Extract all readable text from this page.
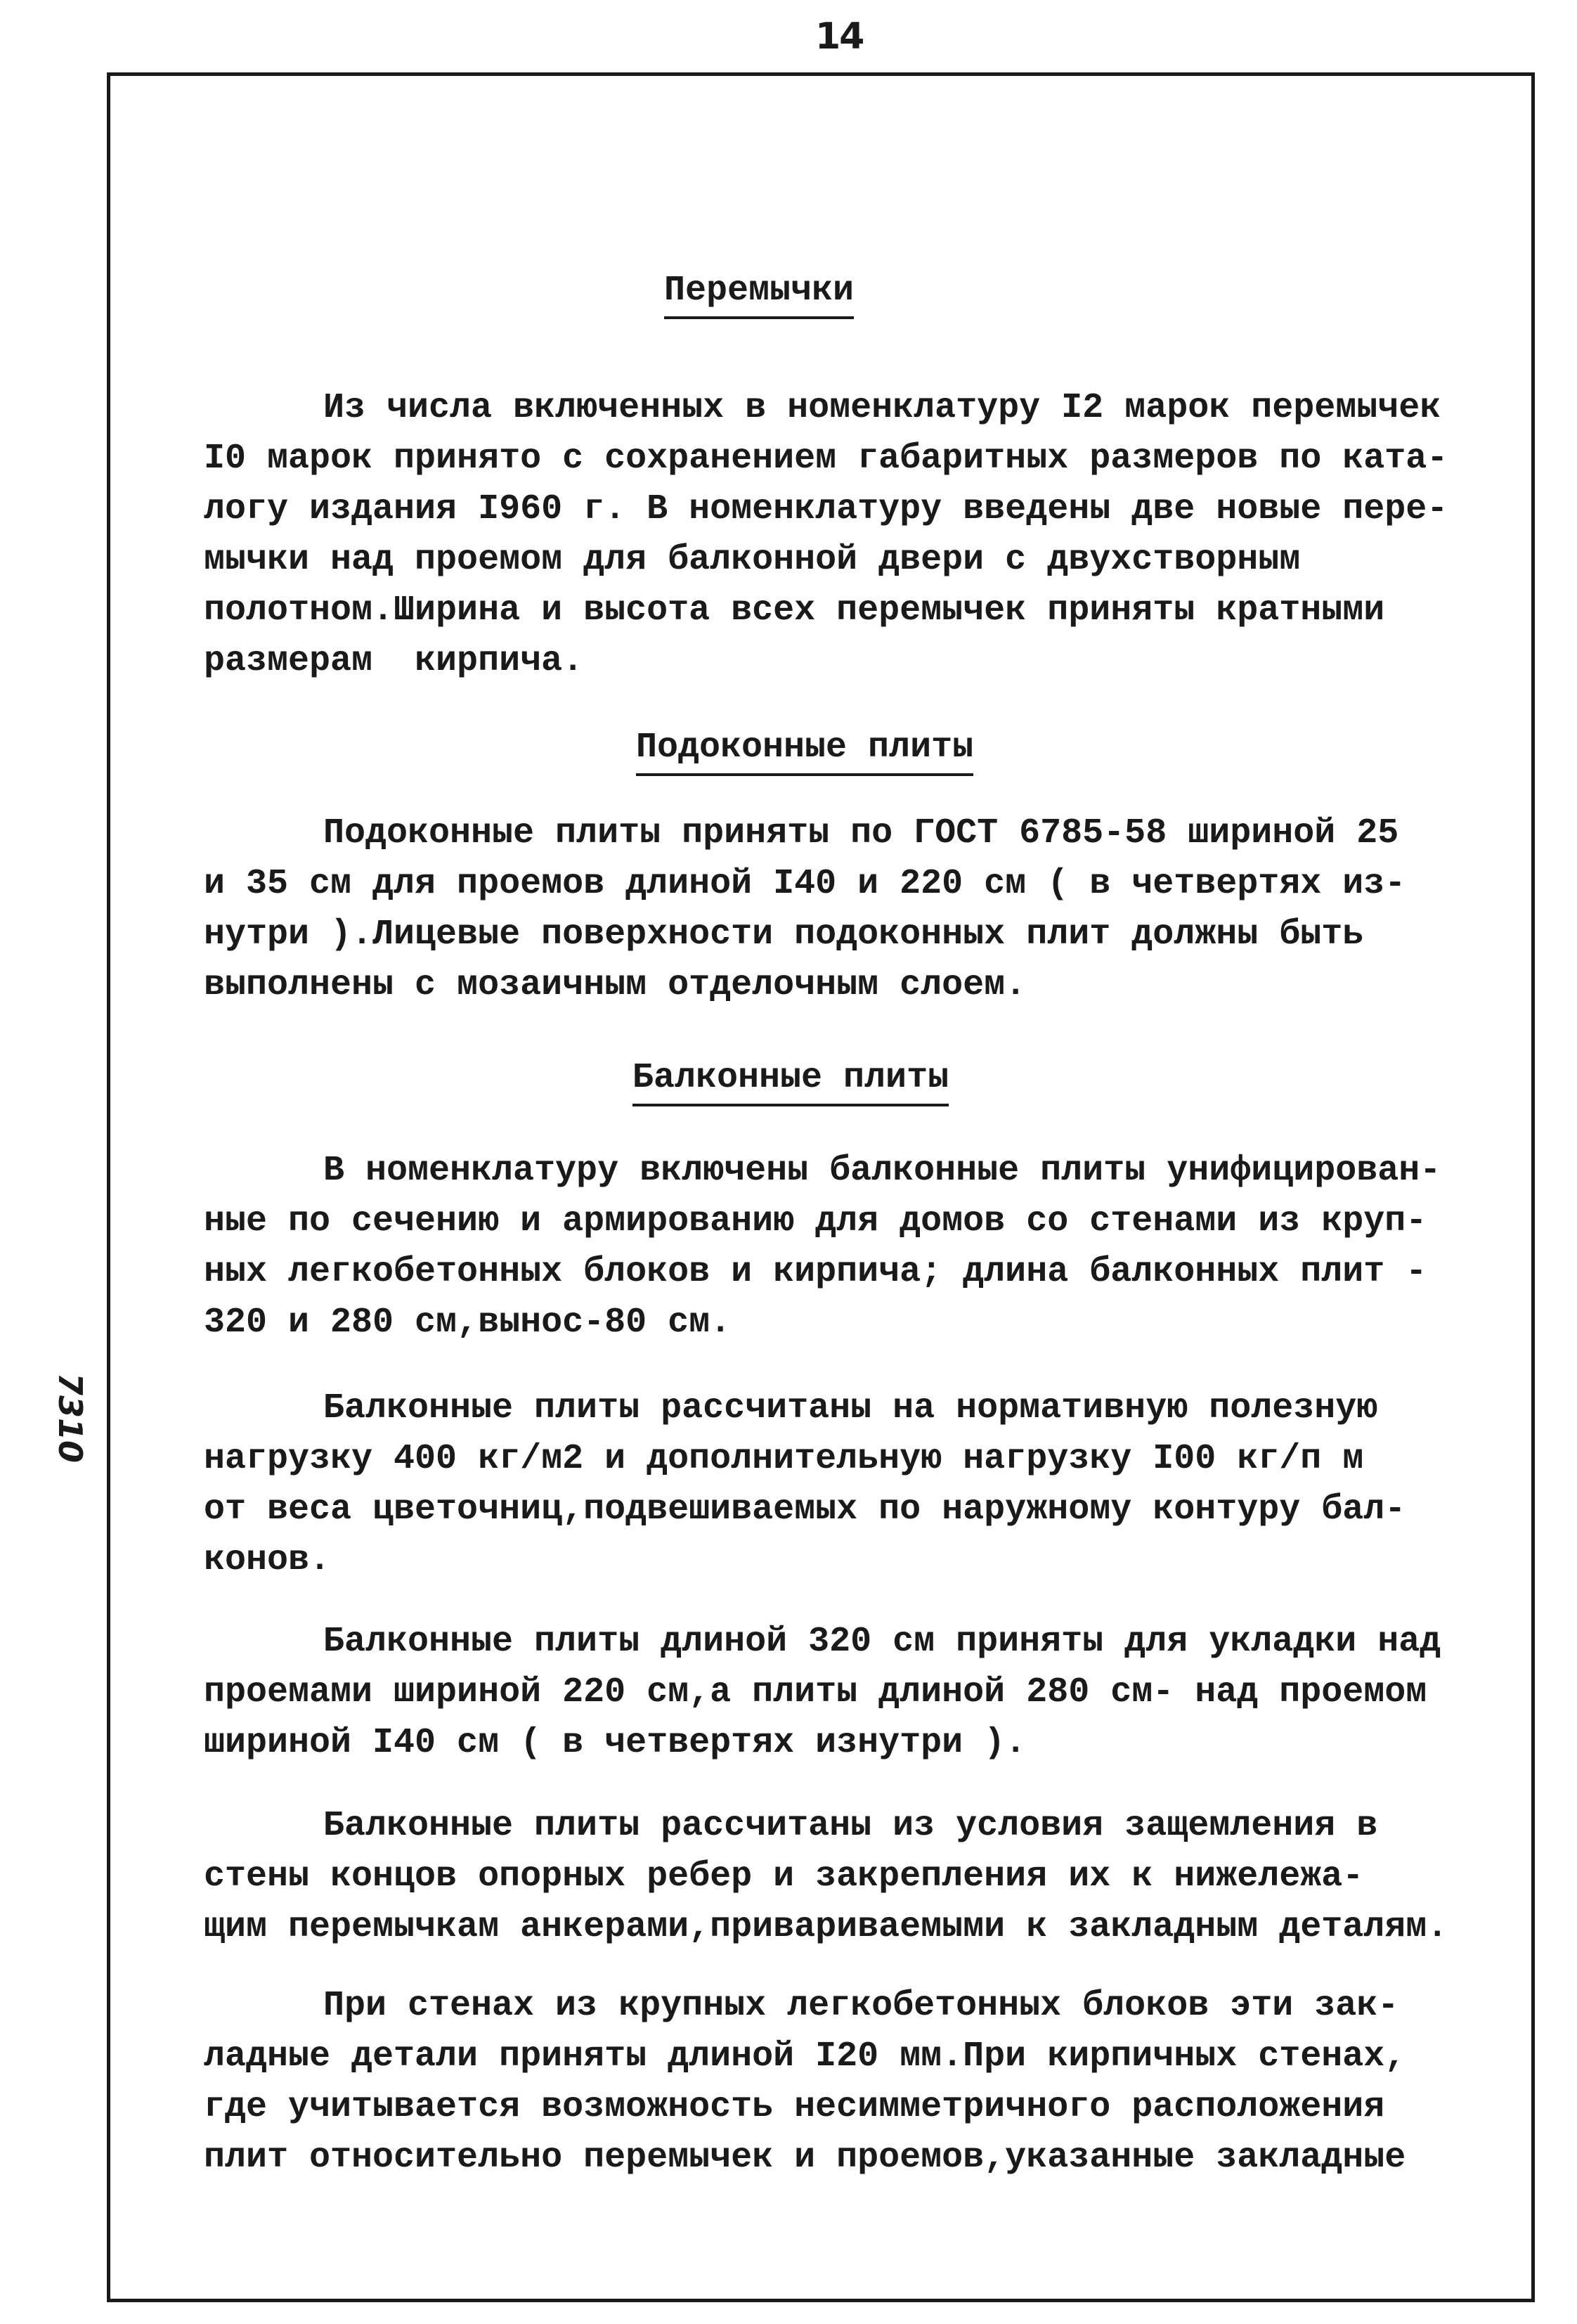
14
7310
Перемычки
Из числа включенных в номенклатуру I2 марок перемычек
I0 марок принято с сохранением габаритных размеров по ката-
логу издания I960 г. В номенклатуру введены две новые пере-
мычки над проемом для балконной двери с двухстворным
полотном.Ширина и высота всех перемычек приняты кратными
размерам  кирпича.
Подоконные плиты
Подоконные плиты приняты по ГОСТ 6785-58 шириной 25
и 35 см для проемов длиной I40 и 220 см ( в четвертях из-
нутри ).Лицевые поверхности подоконных плит должны быть
выполнены с мозаичным отделочным слоем.
Балконные плиты
В номенклатуру включены балконные плиты унифицирован-
ные по сечению и армированию для домов со стенами из круп-
ных легкобетонных блоков и кирпича; длина балконных плит -
320 и 280 см,вынос-80 см.
Балконные плиты рассчитаны на нормативную полезную
нагрузку 400 кг/м2 и дополнительную нагрузку I00 кг/п м
от веса цветочниц,подвешиваемых по наружному контуру бал-
конов.
Балконные плиты длиной 320 см приняты для укладки над
проемами шириной 220 см,а плиты длиной 280 см- над проемом
шириной I40 см ( в четвертях изнутри ).
Балконные плиты рассчитаны из условия защемления в
стены концов опорных ребер и закрепления их к нижележа-
щим перемычкам анкерами,привариваемыми к закладным деталям.
При стенах из крупных легкобетонных блоков эти зак-
ладные детали приняты длиной I20 мм.При кирпичных стенах,
где учитывается возможность несимметричного расположения
плит относительно перемычек и проемов,указанные закладные
